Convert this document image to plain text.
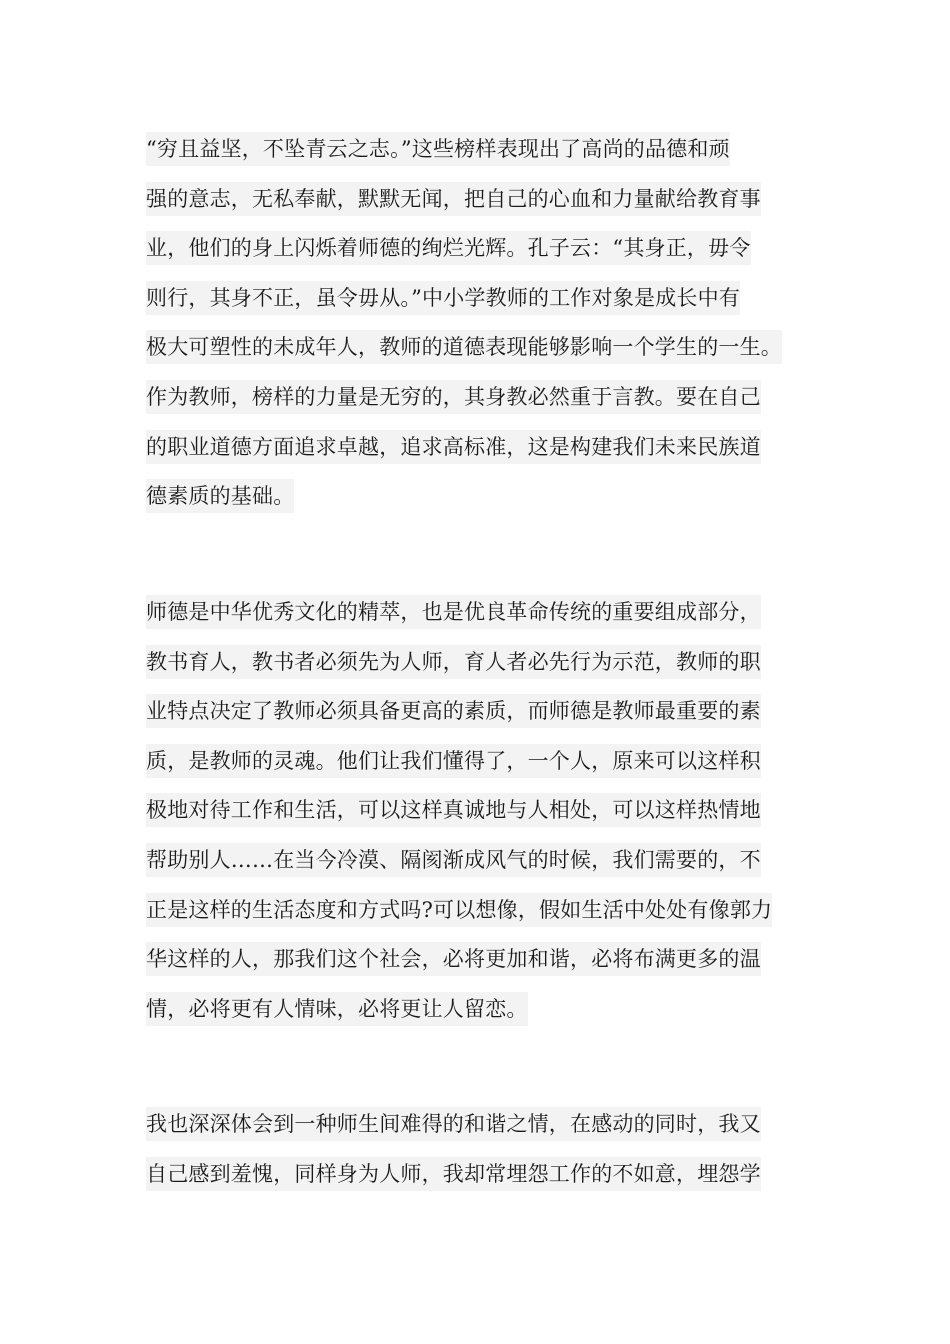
“穷且益坚，不坠青云之志。”这些榜样表现出了高尚的品德和顽
强的意志，无私奉献，默默无闻，把自己的心血和力量献给教育事
业，他们的身上闪烁着师德的绚烂光辉。孔子云：“其身正，毋令
则行，其身不正，虽令毋从。”中小学教师的工作对象是成长中有
极大可塑性的未成年人，教师的道德表现能够影响一个学生的一生。
作为教师，榜样的力量是无穷的，其身教必然重于言教。要在自己
的职业道德方面追求卓越，追求高标准，这是构建我们未来民族道
德素质的基础。
师德是中华优秀文化的精萃，也是优良革命传统的重要组成部分，
教书育人，教书者必须先为人师，育人者必先行为示范，教师的职
业特点决定了教师必须具备更高的素质，而师德是教师最重要的素
质，是教师的灵魂。他们让我们懂得了，一个人，原来可以这样积
极地对待工作和生活，可以这样真诚地与人相处，可以这样热情地
帮助别人……在当今冷漠、隔阂渐成风气的时候，我们需要的，不
正是这样的生活态度和方式吗?可以想像，假如生活中处处有像郭力
华这样的人，那我们这个社会，必将更加和谐，必将布满更多的温
情，必将更有人情味，必将更让人留恋。
我也深深体会到一种师生间难得的和谐之情，在感动的同时，我又
自己感到羞愧，同样身为人师，我却常埋怨工作的不如意，埋怨学
